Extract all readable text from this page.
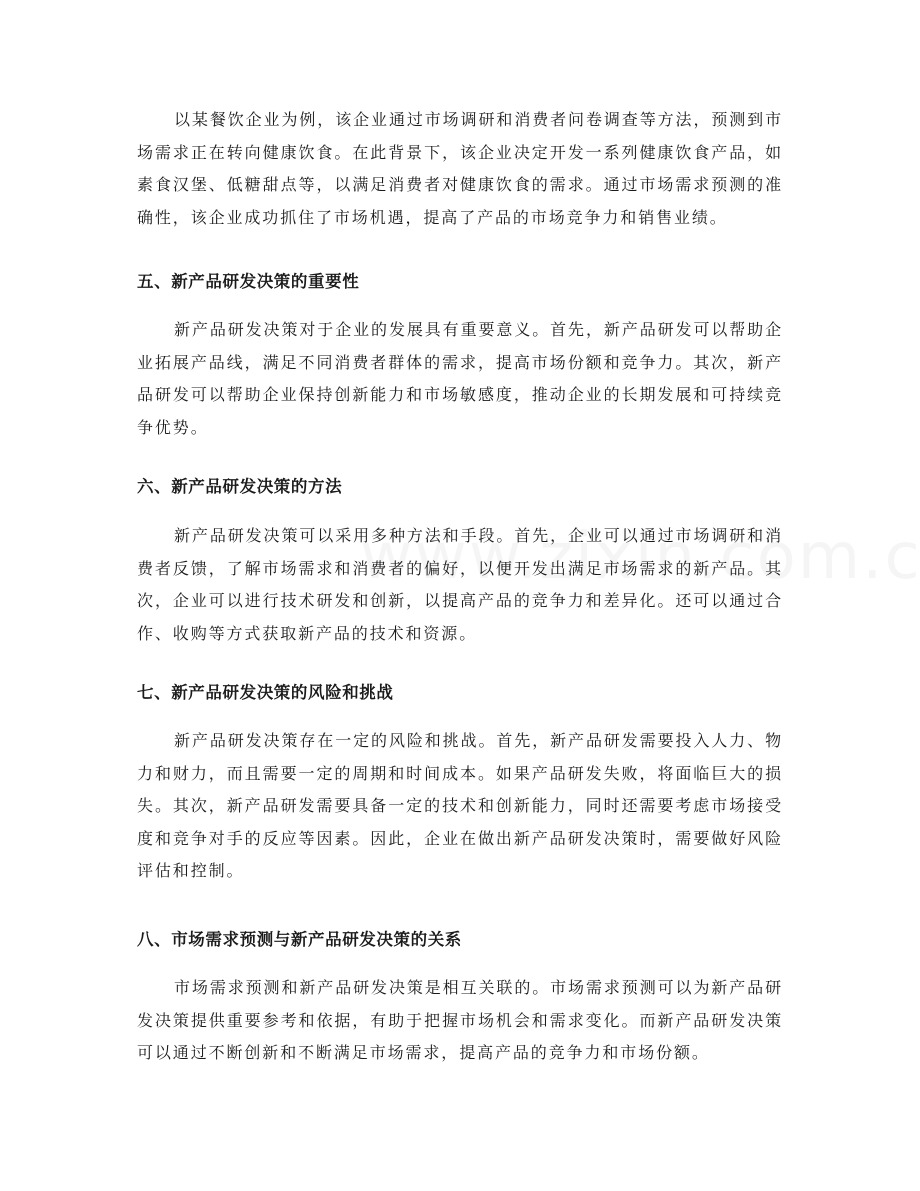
以某餐饮企业为例，该企业通过市场调研和消费者问卷调查等方法，预测到市场需求正在转向健康饮食。在此背景下，该企业决定开发一系列健康饮食产品，如素食汉堡、低糖甜点等，以满足消费者对健康饮食的需求。通过市场需求预测的准确性，该企业成功抓住了市场机遇，提高了产品的市场竞争力和销售业绩。

五、新产品研发决策的重要性

新产品研发决策对于企业的发展具有重要意义。首先，新产品研发可以帮助企业拓展产品线，满足不同消费者群体的需求，提高市场份额和竞争力。其次，新产品研发可以帮助企业保持创新能力和市场敏感度，推动企业的长期发展和可持续竞争优势。

六、新产品研发决策的方法

新产品研发决策可以采用多种方法和手段。首先，企业可以通过市场调研和消费者反馈，了解市场需求和消费者的偏好，以便开发出满足市场需求的新产品。其次，企业可以进行技术研发和创新，以提高产品的竞争力和差异化。还可以通过合作、收购等方式获取新产品的技术和资源。

七、新产品研发决策的风险和挑战

新产品研发决策存在一定的风险和挑战。首先，新产品研发需要投入人力、物力和财力，而且需要一定的周期和时间成本。如果产品研发失败，将面临巨大的损失。其次，新产品研发需要具备一定的技术和创新能力，同时还需要考虑市场接受度和竞争对手的反应等因素。因此，企业在做出新产品研发决策时，需要做好风险评估和控制。

八、市场需求预测与新产品研发决策的关系

市场需求预测和新产品研发决策是相互关联的。市场需求预测可以为新产品研发决策提供重要参考和依据，有助于把握市场机会和需求变化。而新产品研发决策可以通过不断创新和不断满足市场需求，提高产品的竞争力和市场份额。
